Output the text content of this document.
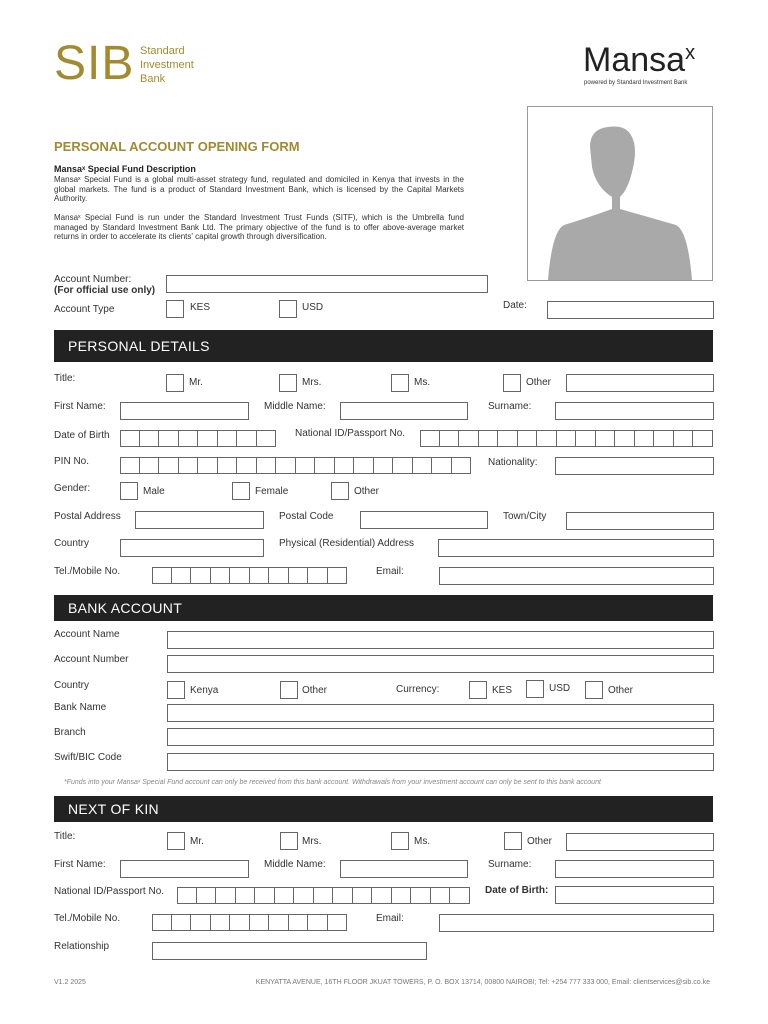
SIB Standard
Investment
Bank	Mansax
powered by Standard Investment Bank
PERSONAL ACCOUNT OPENING FORM
Mansaˣ Special Fund Description
Mansaˣ Special Fund is a global multi-asset strategy fund, regulated and domiciled in Kenya that invests in the global markets. The fund is a product of Standard Investment Bank, which is licensed by the Capital Markets Authority.
Mansaˣ Special Fund is run under the Standard Investment Trust Funds (SITF), which is the Umbrella fund managed by Standard Investment Bank Ltd. The primary objective of the fund is to offer above-average market returns in order to accelerate its clients' capital growth through diversification.
Account Number:
(For official use only)
Account Type	KES	USD	Date:
PERSONAL DETAILS
Title:	Mr.	Mrs.	Ms.	Other
First Name:	Middle Name:	Surname:
Date of Birth	National ID/Passport No.
PIN No.	Nationality:
Gender:	Male	Female	Other
Postal Address	Postal Code	Town/City
Country	Physical (Residential) Address
Tel./Mobile No.	Email:
BANK ACCOUNT
Account Name
Account Number
Country	Kenya	Other	Currency:	KES	USD	Other
Bank Name
Branch
Swift/BIC Code
*Funds into your Mansaˣ Special Fund account can only be received from this bank account. Withdrawals from your investment account can only be sent to this bank account
NEXT OF KIN
Title:	Mr.	Mrs.	Ms.	Other
First Name:	Middle Name:	Surname:
National ID/Passport No.	Date of Birth:
Tel./Mobile No.	Email:
Relationship
V1.2 2025	KENYATTA AVENUE, 16TH FLOOR JKUAT TOWERS, P. O. BOX 13714, 00800 NAIROBI; Tel: +254 777 333 000, Email: clientservices@sib.co.ke
